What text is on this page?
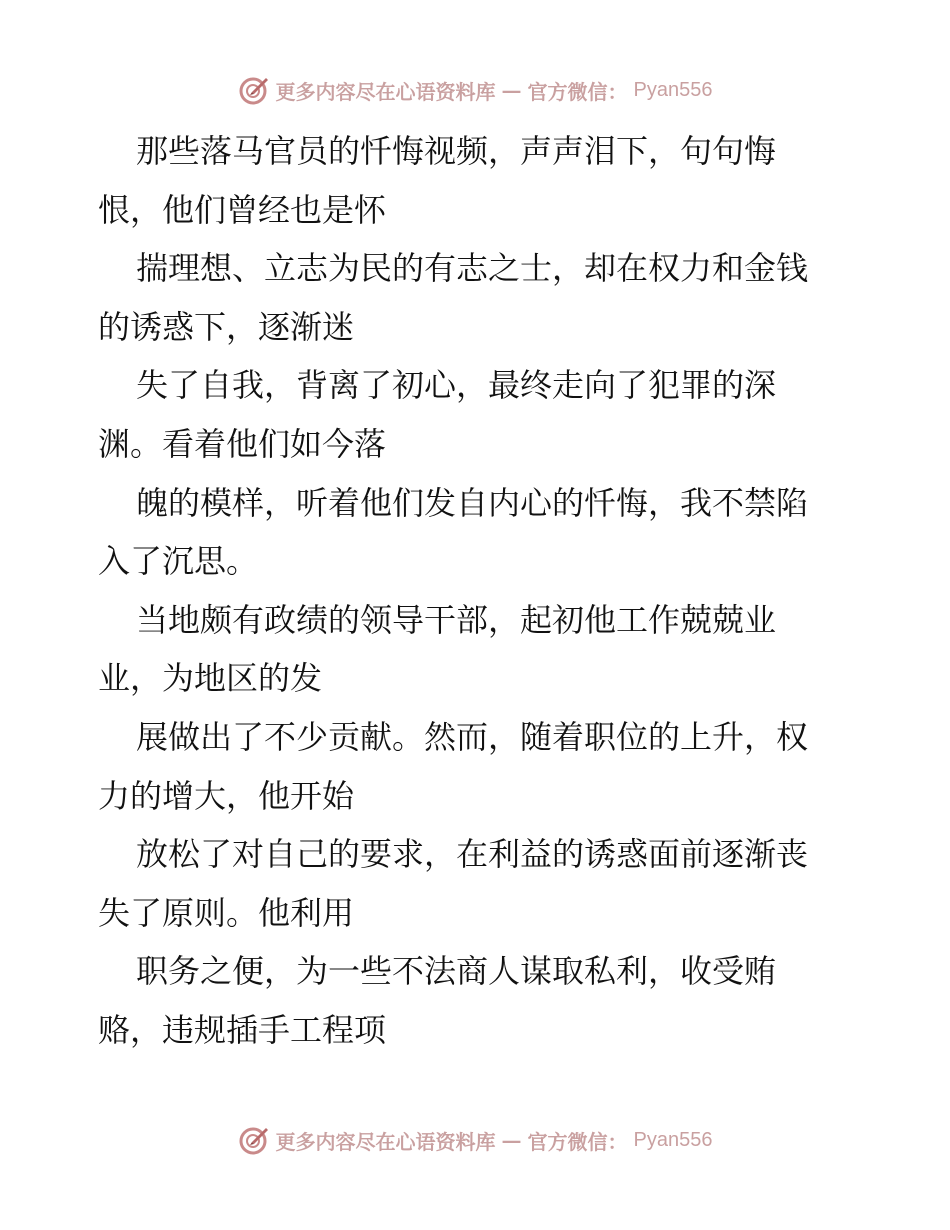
更多内容尽在心语资料库 — 官方微信： Pyan556
那些落马官员的忏悔视频，声声泪下，句句悔
恨，他们曾经也是怀
揣理想、立志为民的有志之士，却在权力和金钱
的诱惑下，逐渐迷
失了自我，背离了初心，最终走向了犯罪的深
渊。看着他们如今落
魄的模样，听着他们发自内心的忏悔，我不禁陷
入了沉思。
当地颇有政绩的领导干部，起初他工作兢兢业
业，为地区的发
展做出了不少贡献。然而，随着职位的上升，权
力的增大，他开始
放松了对自己的要求，在利益的诱惑面前逐渐丧
失了原则。他利用
职务之便，为一些不法商人谋取私利，收受贿
赂，违规插手工程项
更多内容尽在心语资料库 — 官方微信： Pyan556
